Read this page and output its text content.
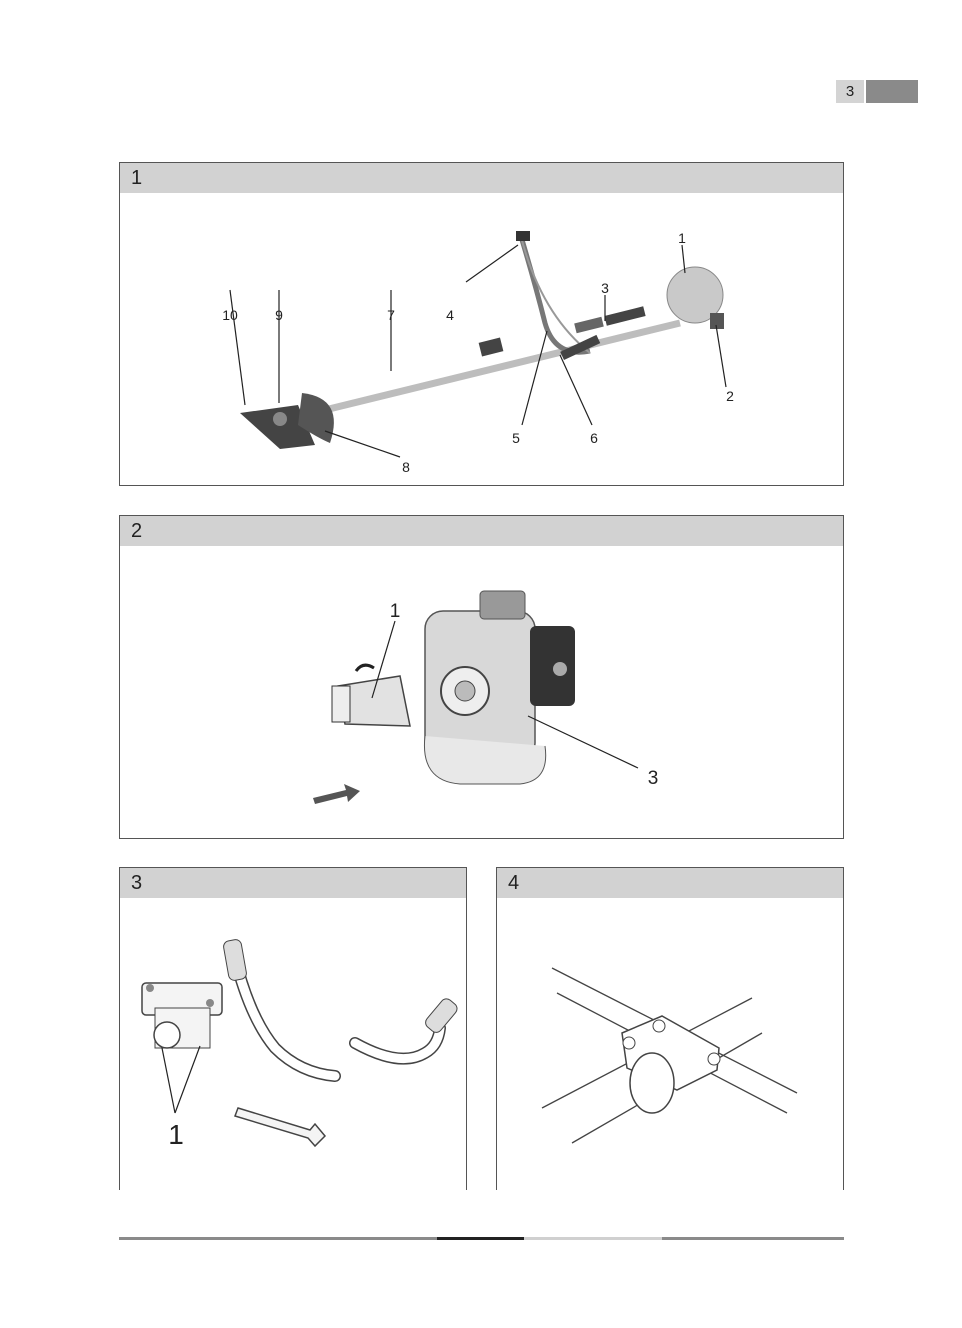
3
1
1
2
3
4
5	6
7
8
9
10
2
1
3
3
1
4
